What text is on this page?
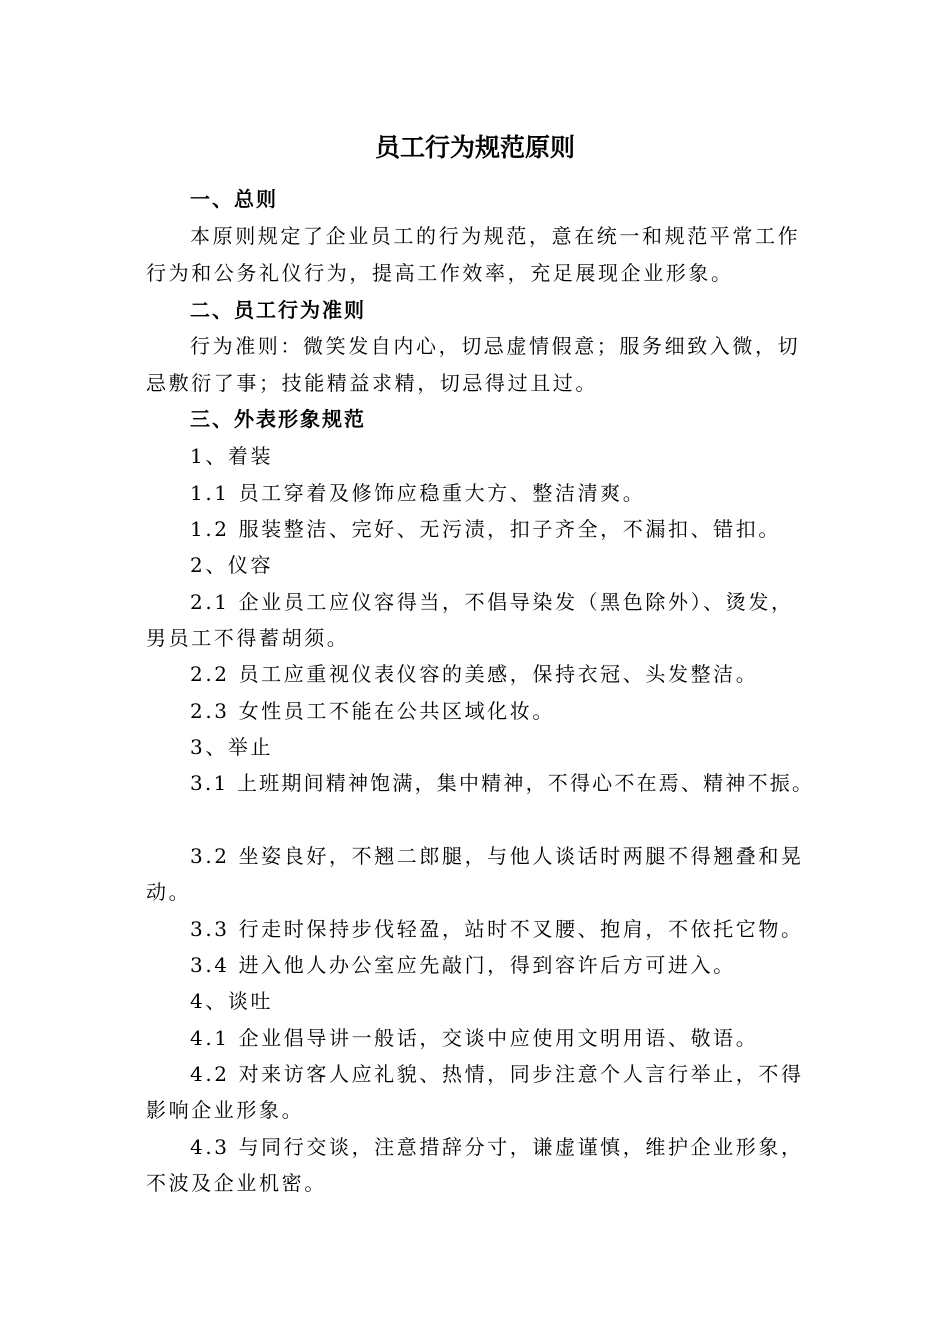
员工行为规范原则
一、总则
本原则规定了企业员工的行为规范，意在统一和规范平常工作
行为和公务礼仪行为，提高工作效率，充足展现企业形象。
二、员工行为准则
行为准则：微笑发自内心，切忌虚情假意；服务细致入微，切
忌敷衍了事；技能精益求精，切忌得过且过。
三、外表形象规范
1、着装
1.1 员工穿着及修饰应稳重大方、整洁清爽。
1.2 服装整洁、完好、无污渍，扣子齐全，不漏扣、错扣。
2、仪容
2.1 企业员工应仪容得当，不倡导染发（黑色除外）、烫发，
男员工不得蓄胡须。
2.2 员工应重视仪表仪容的美感，保持衣冠、头发整洁。
2.3 女性员工不能在公共区域化妆。
3、举止
3.1 上班期间精神饱满，集中精神，不得心不在焉、精神不振。
3.2 坐姿良好，不翘二郎腿，与他人谈话时两腿不得翘叠和晃
动。
3.3 行走时保持步伐轻盈，站时不叉腰、抱肩，不依托它物。
3.4 进入他人办公室应先敲门，得到容许后方可进入。
4、谈吐
4.1 企业倡导讲一般话，交谈中应使用文明用语、敬语。
4.2 对来访客人应礼貌、热情，同步注意个人言行举止，不得
影响企业形象。
4.3 与同行交谈，注意措辞分寸，谦虚谨慎，维护企业形象，
不波及企业机密。
